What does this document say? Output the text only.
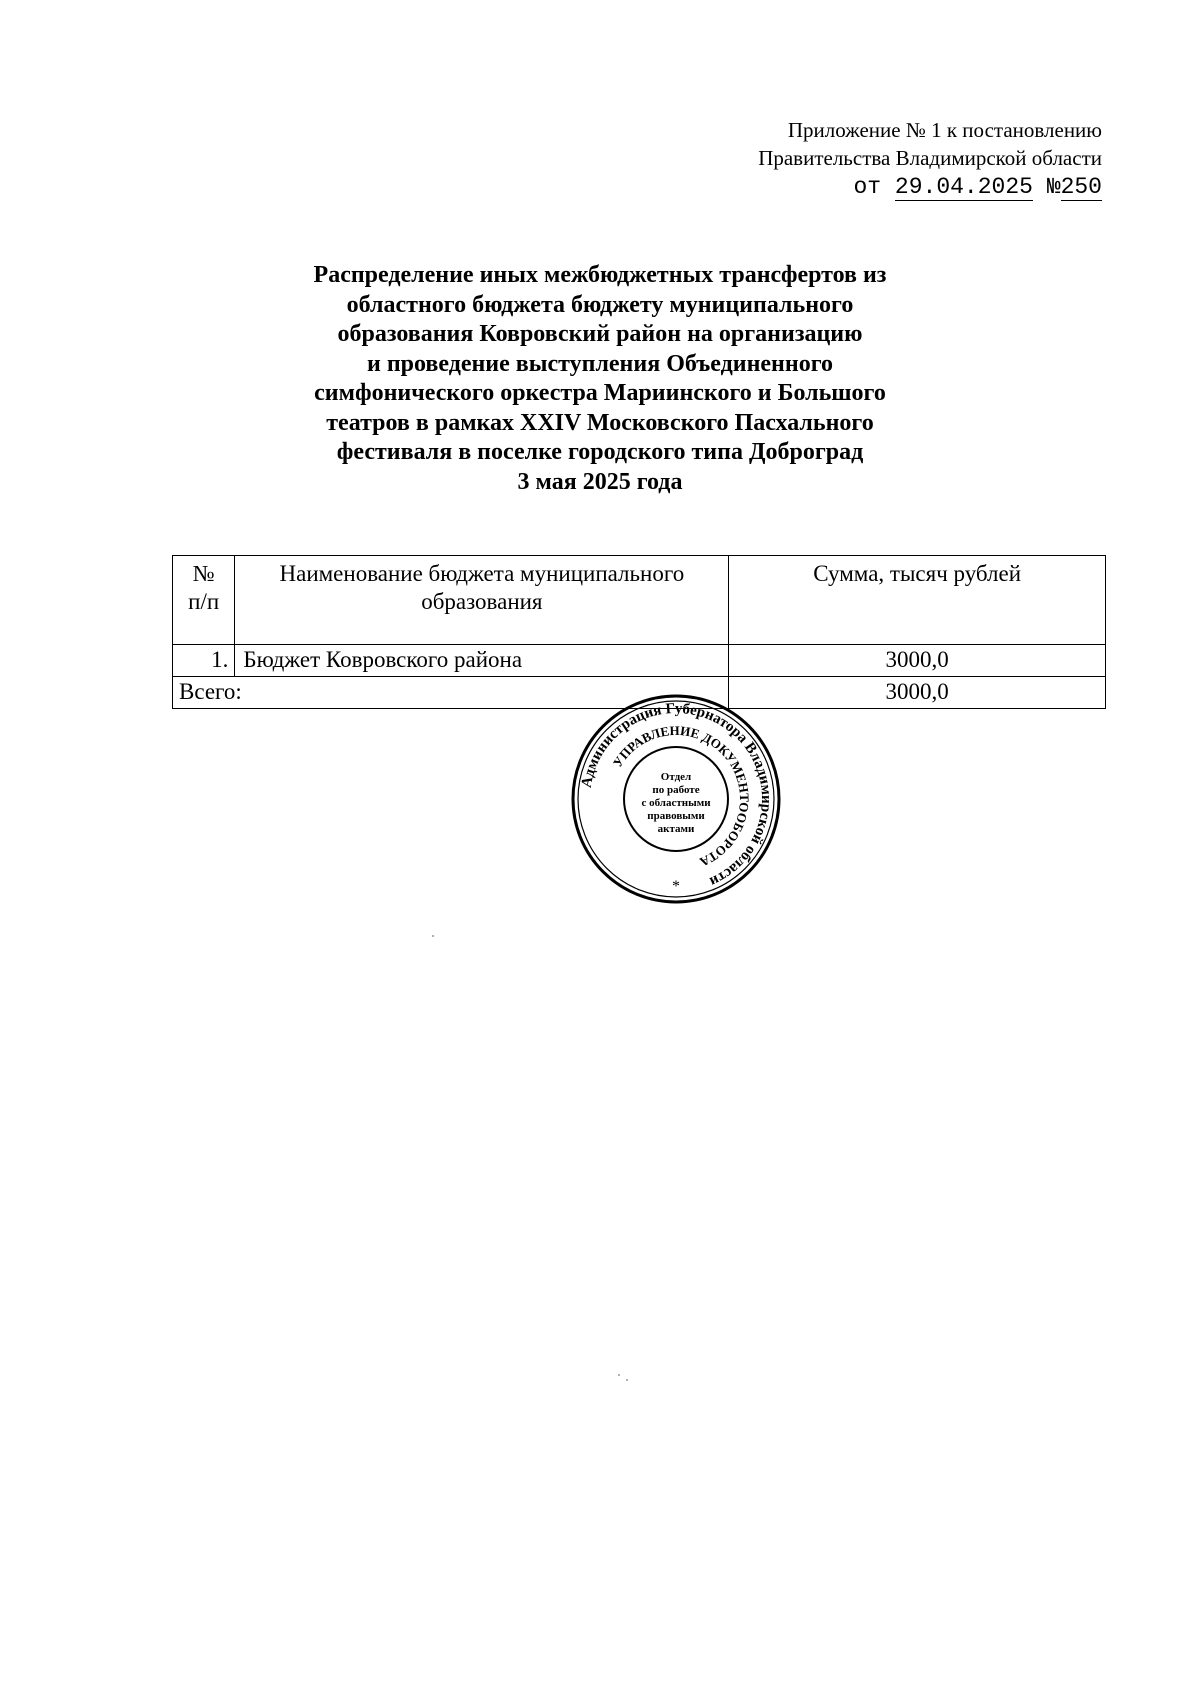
Приложение № 1 к постановлению
Правительства Владимирской области
от 29.04.2025 №250
Распределение иных межбюджетных трансфертов из
областного бюджета бюджету муниципального
образования Ковровский район на организацию
и проведение выступления Объединенного
симфонического оркестра Мариинского и Большого
театров в рамках XXIV Московского Пасхального
фестиваля в поселке городского типа Доброград
3 мая 2025 года
№ п/п	Наименование бюджета муниципального образования	Сумма, тысяч рублей
1.	Бюджет Ковровского района	3000,0
Всего:		3000,0
Администрация Губернатора Владимирской области
УПРАВЛЕНИЕ ДОКУМЕНТООБОРОТА
Отдел
по работе
с областными
правовыми
актами
*
